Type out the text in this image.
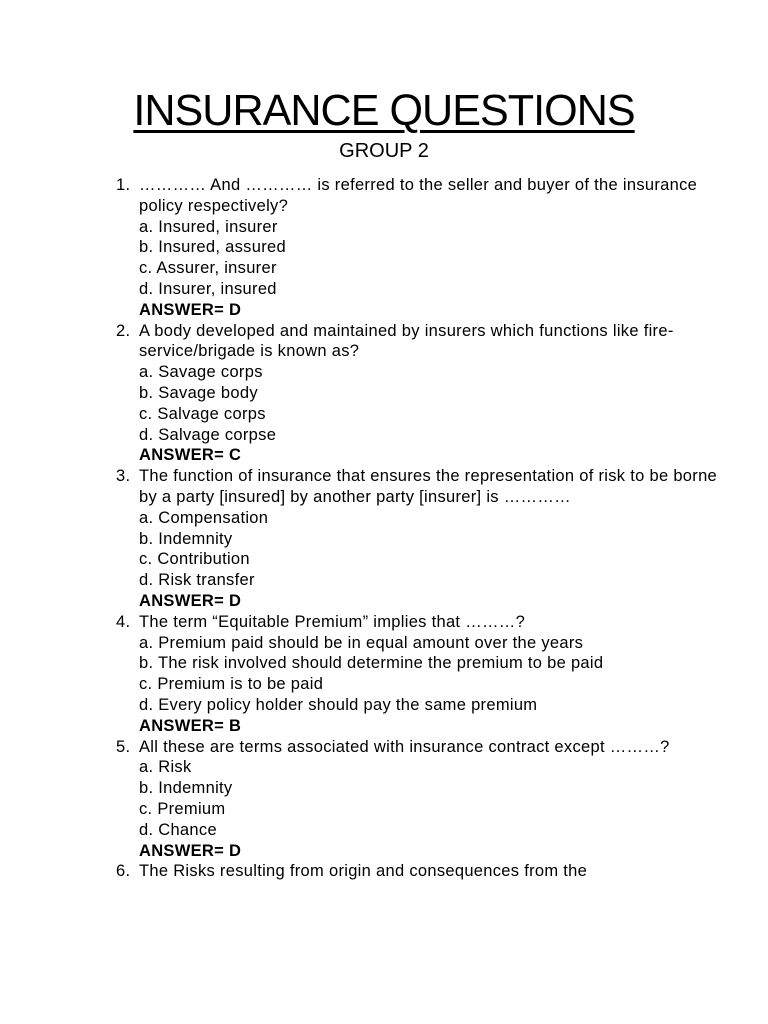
INSURANCE QUESTIONS
GROUP 2
1. ………… And ………… is referred to the seller and buyer of the insurance policy respectively?
a. Insured, insurer
b. Insured, assured
c. Assurer, insurer
d. Insurer, insured
ANSWER= D
2. A body developed and maintained by insurers which functions like fire-service/brigade is known as?
a. Savage corps
b. Savage body
c. Salvage corps
d. Salvage corpse
ANSWER= C
3. The function of insurance that ensures the representation of risk to be borne by a party [insured] by another party [insurer] is …………
a. Compensation
b. Indemnity
c. Contribution
d. Risk transfer
ANSWER= D
4. The term “Equitable Premium” implies that ………?
a. Premium paid should be in equal amount over the years
b. The risk involved should determine the premium to be paid
c. Premium is to be paid
d. Every policy holder should pay the same premium
ANSWER= B
5. All these are terms associated with insurance contract except ………?
a. Risk
b. Indemnity
c. Premium
d. Chance
ANSWER= D
6. The Risks resulting from origin and consequences from the
